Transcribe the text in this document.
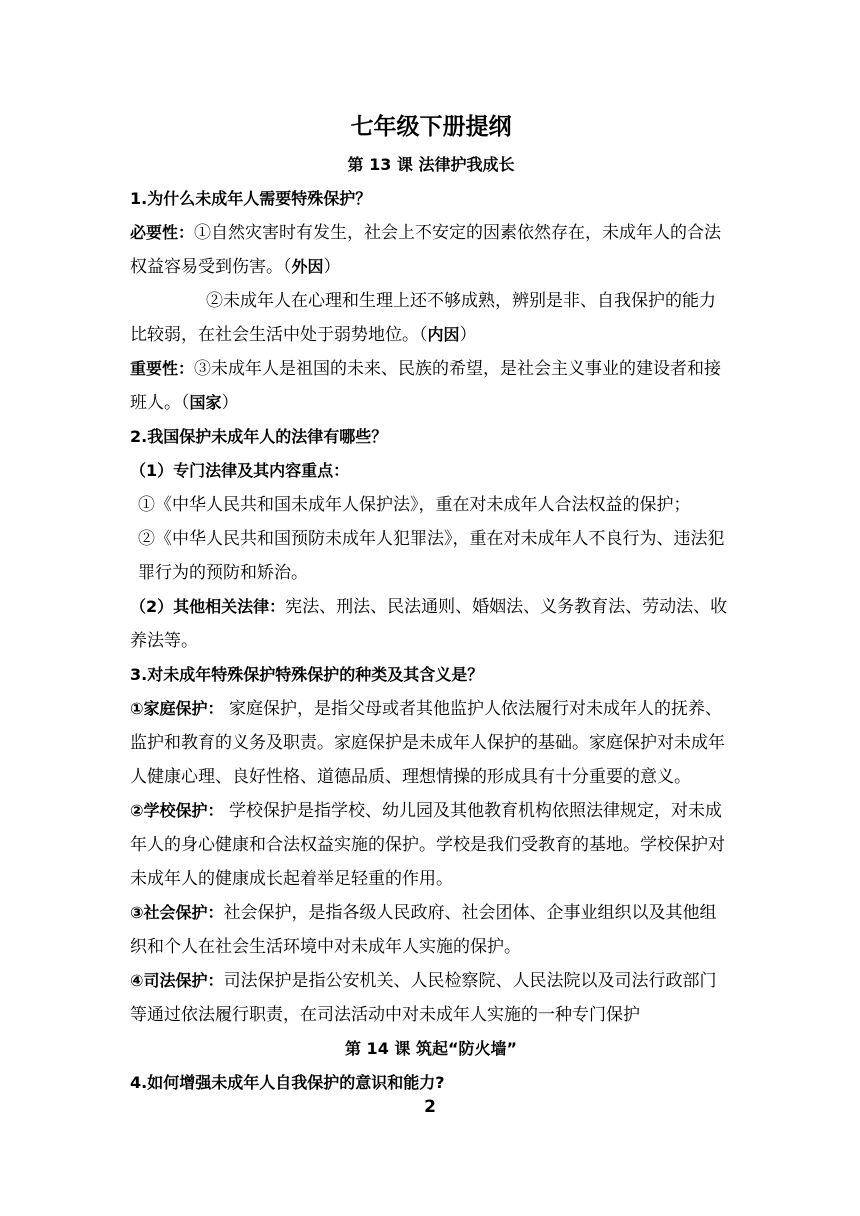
七年级下册提纲
第 13 课 法律护我成长

1.为什么未成年人需要特殊保护？

必要性：①自然灾害时有发生，社会上不安定的因素依然存在，未成年人的合法权益容易受到伤害。（外因）

②未成年人在心理和生理上还不够成熟，辨别是非、自我保护的能力比较弱，在社会生活中处于弱势地位。（内因）

重要性：③未成年人是祖国的未来、民族的希望，是社会主义事业的建设者和接班人。（国家）

2.我国保护未成年人的法律有哪些？

（1）专门法律及其内容重点：

①《中华人民共和国未成年人保护法》，重在对未成年人合法权益的保护；

②《中华人民共和国预防未成年人犯罪法》，重在对未成年人不良行为、违法犯罪行为的预防和矫治。

（2）其他相关法律：宪法、刑法、民法通则、婚姻法、义务教育法、劳动法、收养法等。

3.对未成年特殊保护特殊保护的种类及其含义是？

①家庭保护： 家庭保护，是指父母或者其他监护人依法履行对未成年人的抚养、监护和教育的义务及职责。家庭保护是未成年人保护的基础。家庭保护对未成年人健康心理、良好性格、道德品质、理想情操的形成具有十分重要的意义。

②学校保护： 学校保护是指学校、幼儿园及其他教育机构依照法律规定，对未成年人的身心健康和合法权益实施的保护。学校是我们受教育的基地。学校保护对未成年人的健康成长起着举足轻重的作用。

③社会保护：社会保护，是指各级人民政府、社会团体、企事业组织以及其他组织和个人在社会生活环境中对未成年人实施的保护。

④司法保护：司法保护是指公安机关、人民检察院、人民法院以及司法行政部门等通过依法履行职责，在司法活动中对未成年人实施的一种专门保护

第 14 课 筑起“防火墙”

4.如何增强未成年人自我保护的意识和能力?

2
